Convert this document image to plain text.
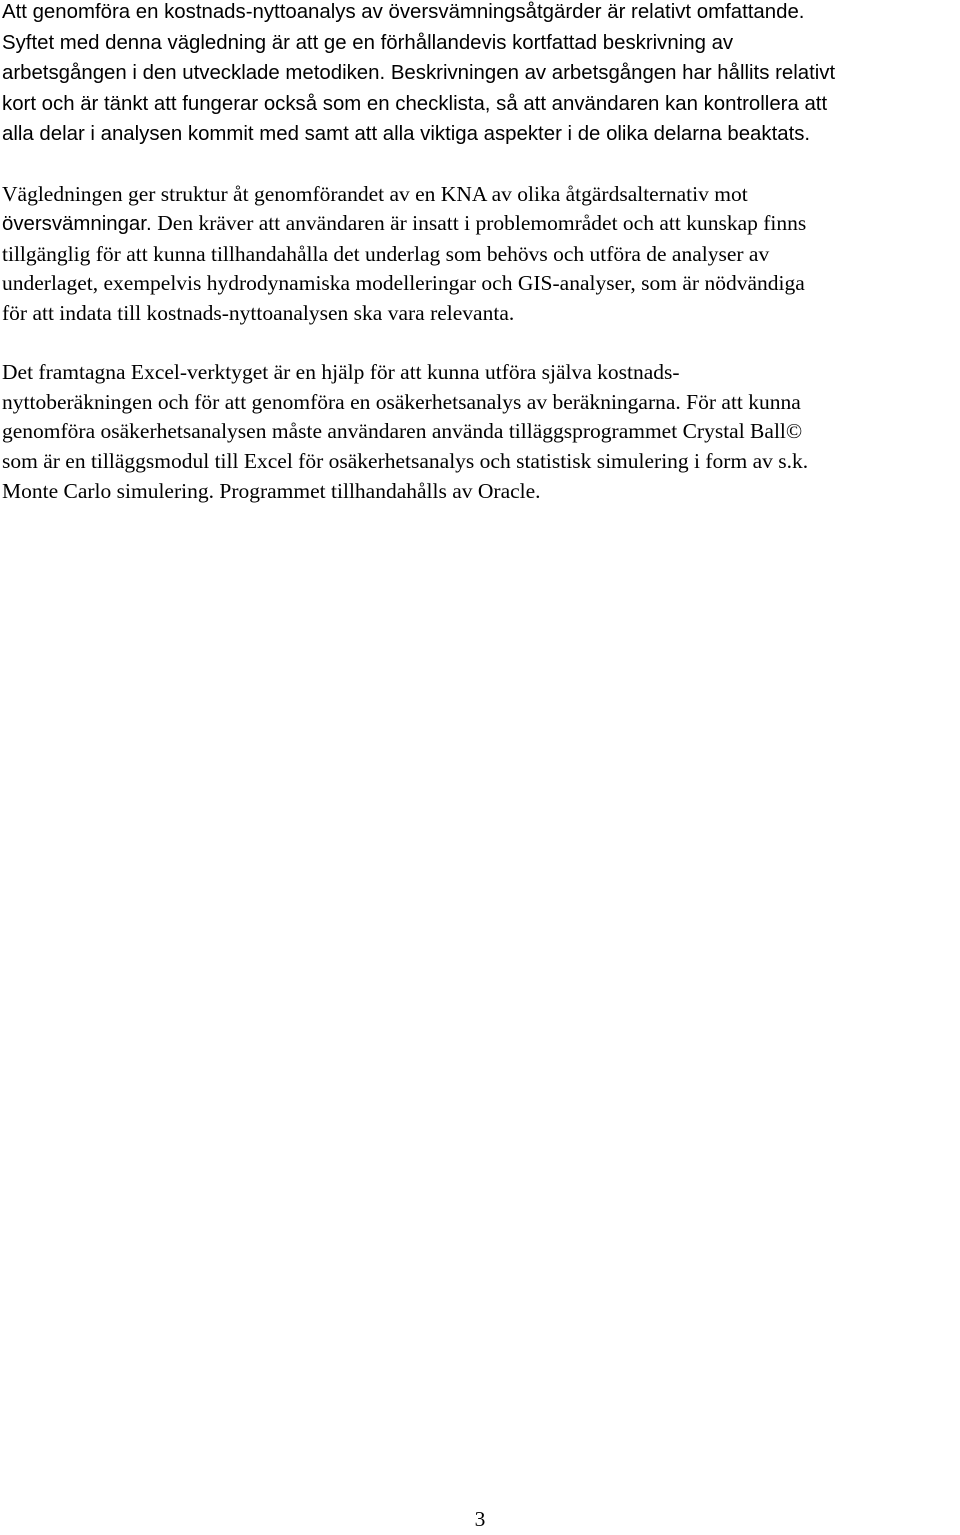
Att genomföra en kostnads-nyttoanalys av översvämningsåtgärder är relativt omfattande.
Syftet med denna vägledning är att ge en förhållandevis kortfattad beskrivning av
arbetsgången i den utvecklade metodiken. Beskrivningen av arbetsgången har hållits relativt
kort och är tänkt att fungerar också som en checklista, så att användaren kan kontrollera att
alla delar i analysen kommit med samt att alla viktiga aspekter i de olika delarna beaktats.

Vägledningen ger struktur åt genomförandet av en KNA av olika åtgärdsalternativ mot
översvämningar. Den kräver att användaren är insatt i problemområdet och att kunskap finns
tillgänglig för att kunna tillhandahålla det underlag som behövs och utföra de analyser av
underlaget, exempelvis hydrodynamiska modelleringar och GIS-analyser, som är nödvändiga
för att indata till kostnads-nyttoanalysen ska vara relevanta.

Det framtagna Excel-verktyget är en hjälp för att kunna utföra själva kostnads-
nyttoberäkningen och för att genomföra en osäkerhetsanalys av beräkningarna. För att kunna
genomföra osäkerhetsanalysen måste användaren använda tilläggsprogrammet Crystal Ball©
som är en tilläggsmodul till Excel för osäkerhetsanalys och statistisk simulering i form av s.k.
Monte Carlo simulering. Programmet tillhandahålls av Oracle.

3
